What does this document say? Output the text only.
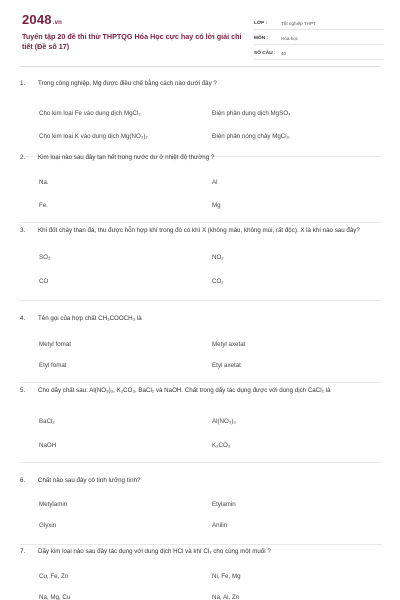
2048.vn
Tuyển tập 20 đề thi thử THPTQG Hóa Học cực hay có lời giải chi tiết (Đề số 17)
LỚP :	Tốt nghiệp THPT
MÔN :	Hóa học
SỐ CÂU :	40
1.	Trong công nghiệp, Mg được điều chế bằng cách nào dưới đây ?
Cho kim loại Fe vào dung dịch MgCl₂	Điện phân dung dịch MgSO₄
Cho kim loại K vào dung dịch Mg(NO₃)₂	Điện phân nóng chảy MgCl₂.
2.	Kim loại nào sau đây tan hết trong nước dư ở nhiệt độ thường ?
Na.	Al
Fe.	Mg
3.	Khi đốt cháy than đá, thu được hỗn hợp khí trong đó có khí X (không màu, không mùi, rất độc). X là khí nào sau đây?
SO₂	NO₂
CO	CO₂
4.	Tên gọi của hợp chất CH₃COOCH₃ là
Metyl fomat	Metyl axetat
Etyl fomat	Etyl axetat
5.	Cho dãy chất sau: Al(NO₃)₃, K₂CO₃, BaCl₂ và NaOH. Chất trong dãy tác dụng được với dung dịch CaCl₂ là
BaCl₂	Al(NO₃)₃
NaOH	K₂CO₃
6.	Chất nào sau đây có tính lưỡng tính?
Metylamin	Etylamin
Glyxin	Anilin
7.	Dãy kim loại nào sau đây tác dụng với dung dịch HCl và khí Cl₂ cho cùng một muối ?
Cu, Fe, Zn	Ni, Fe, Mg
Na, Mg, Cu	Na, Al, Zn
